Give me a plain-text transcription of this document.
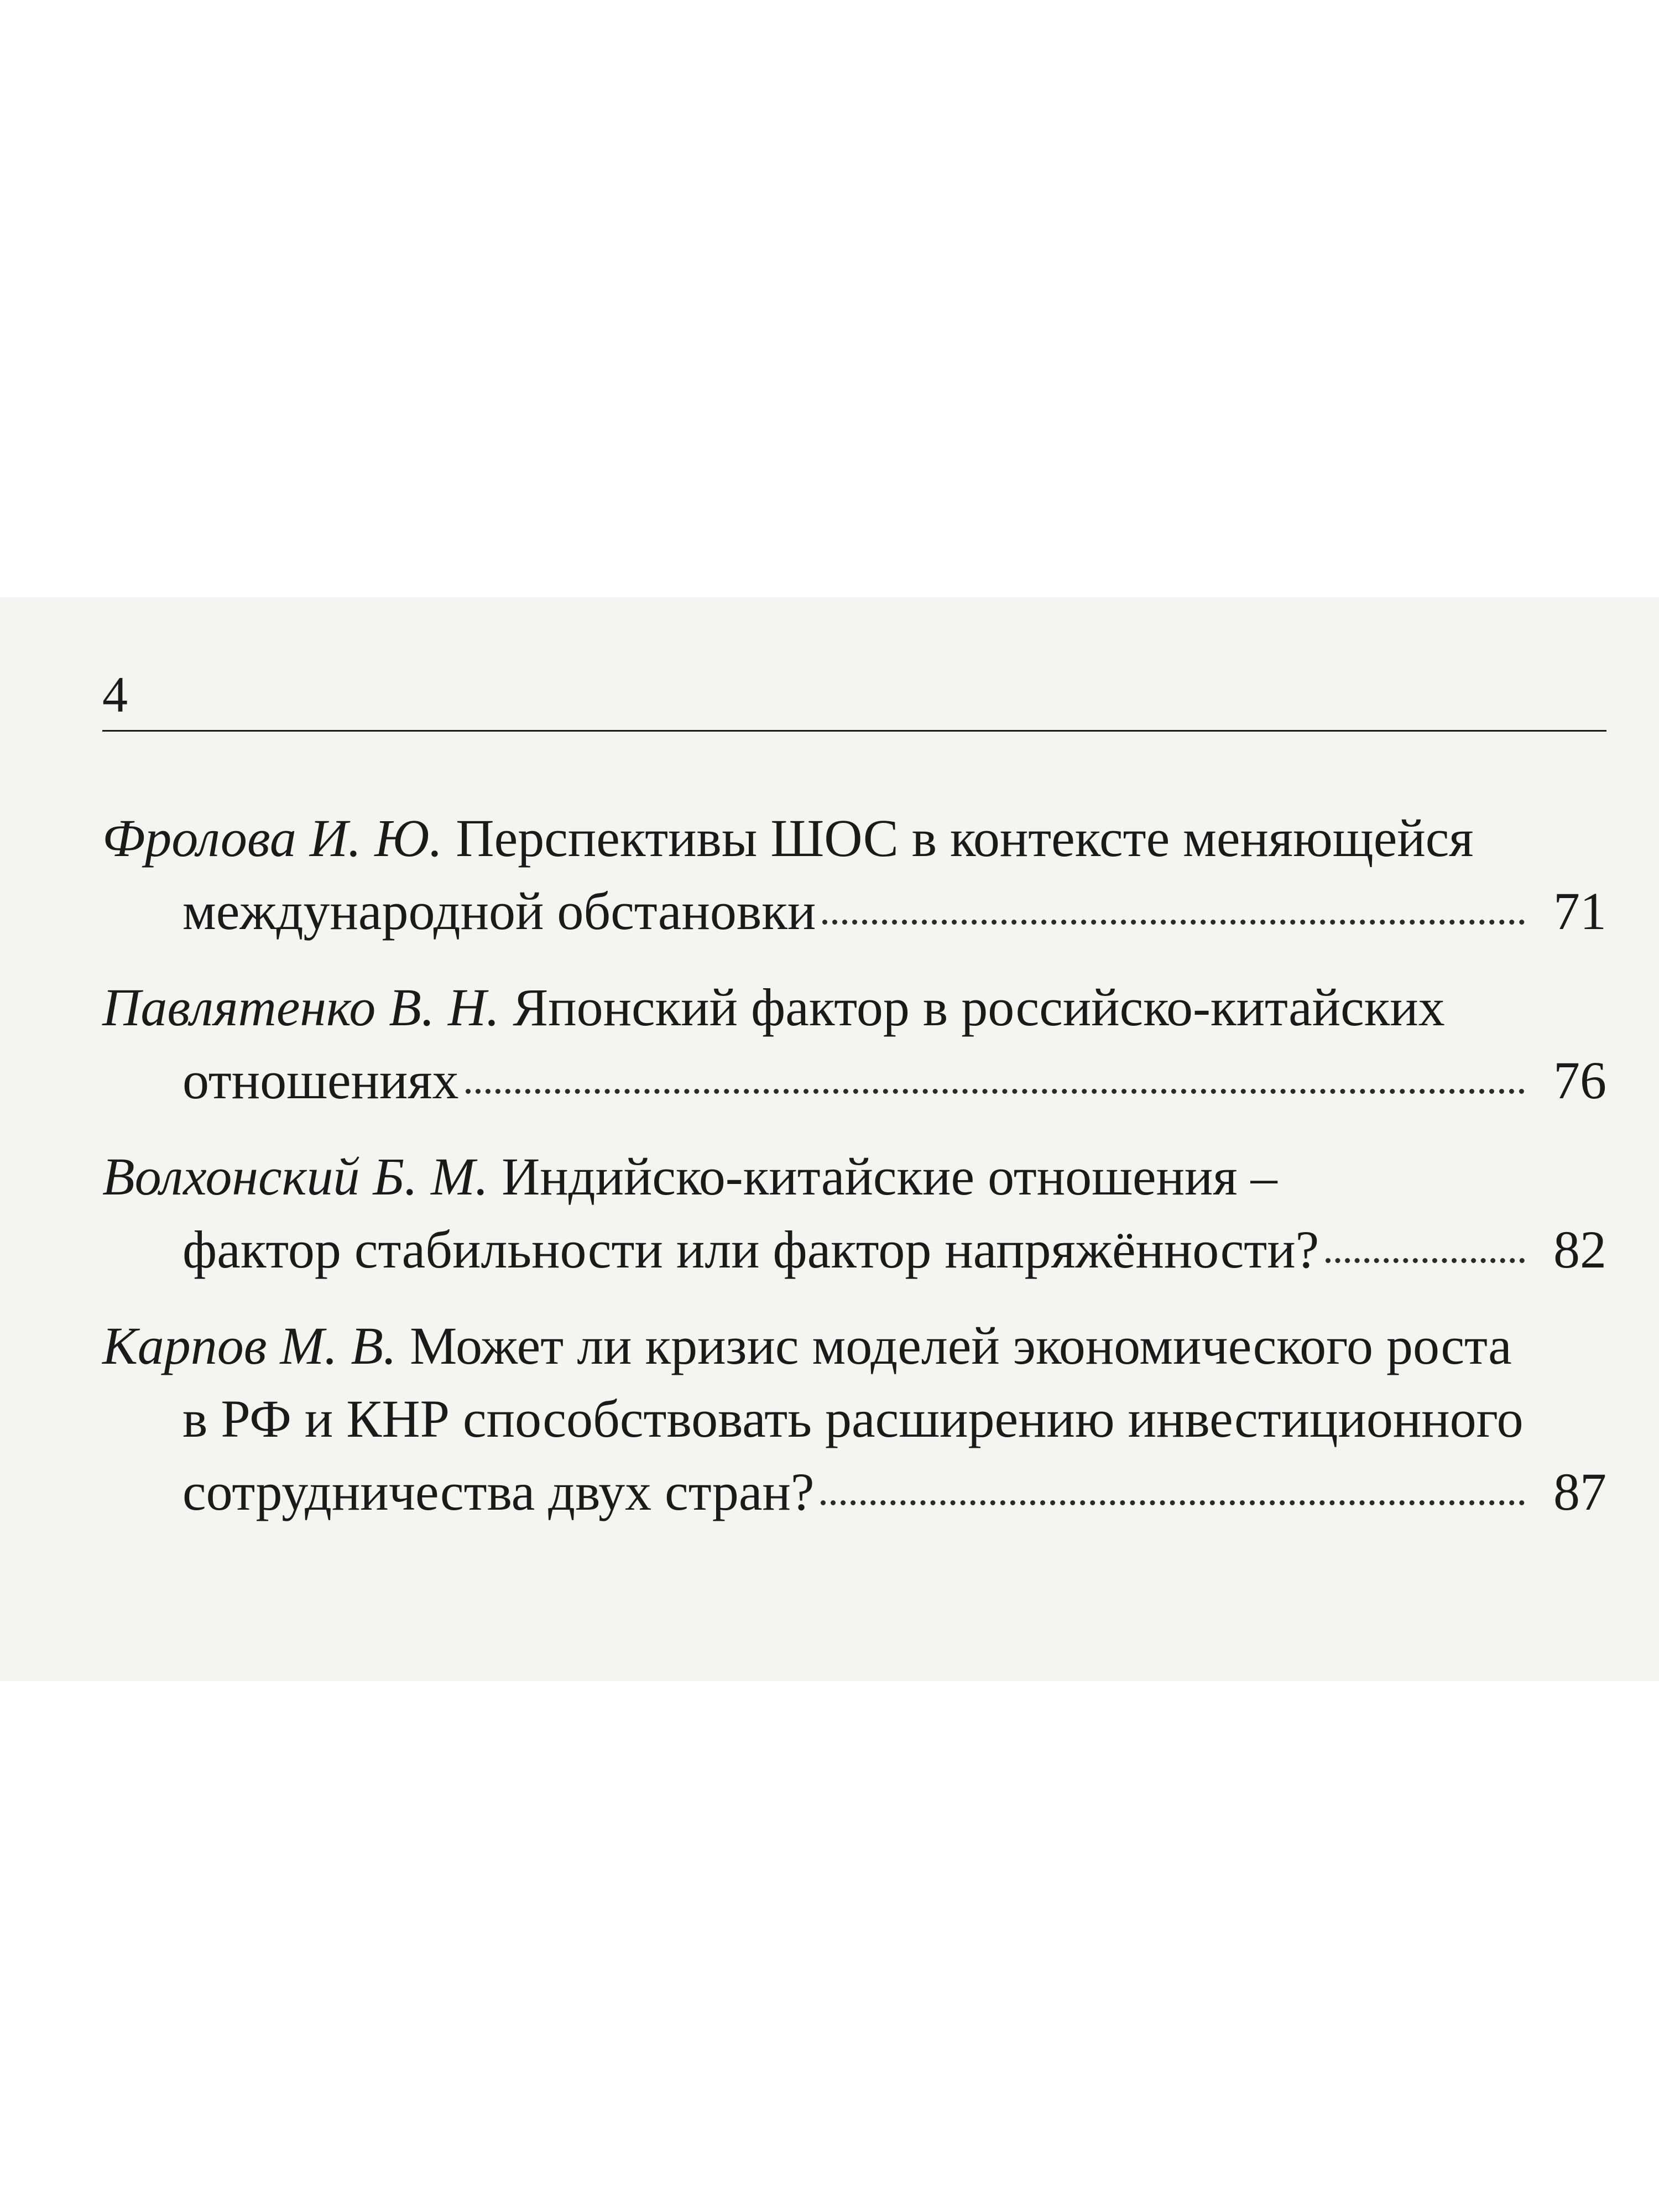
4
Фролова И. Ю. Перспективы ШОС в контексте меняющейся
международной обстановки	71
Павлятенко В. Н. Японский фактор в российско-китайских
отношениях	76
Волхонский Б. М. Индийско-китайские отношения –
фактор стабильности или фактор напряжённости?	82
Карпов М. В. Может ли кризис моделей экономического роста
в РФ и КНР способствовать расширению инвестиционного
сотрудничества двух стран?	87
